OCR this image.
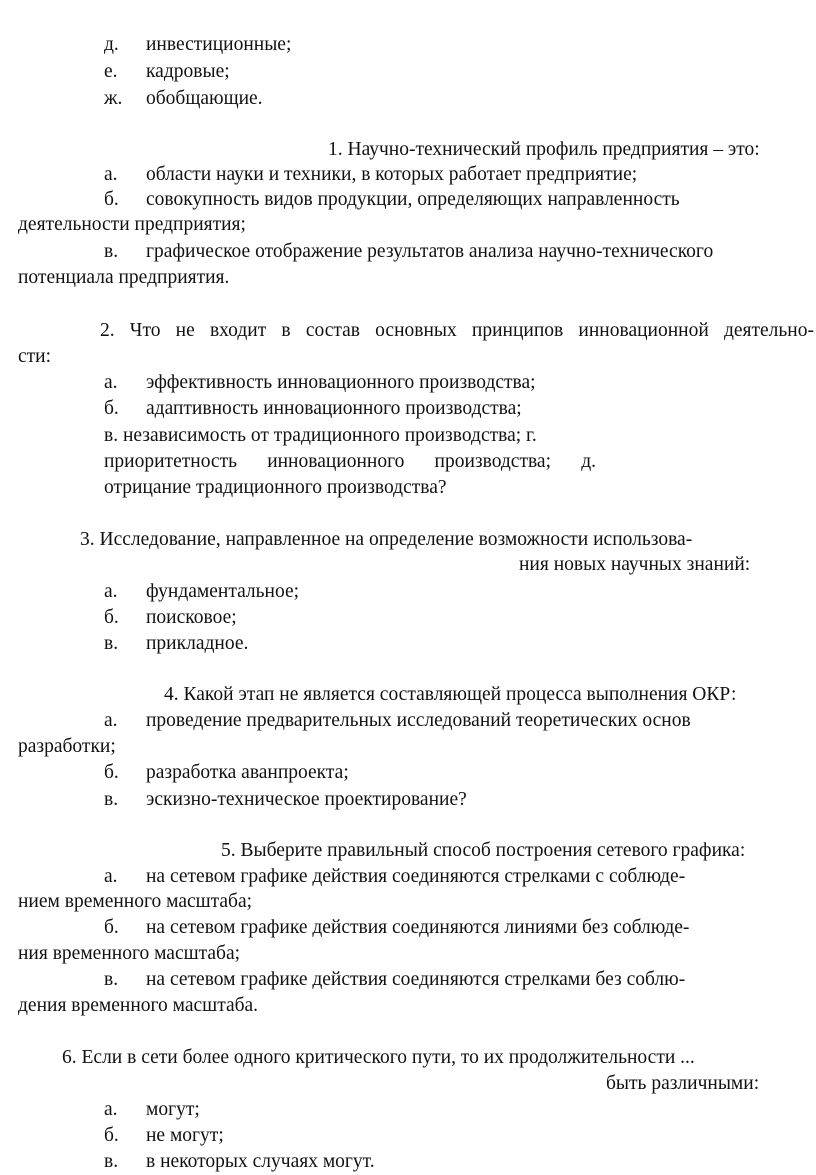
д. инвестиционные;
е. кадровые;
ж. обобщающие.
1. Научно-технический профиль предприятия – это:
а. области науки и техники, в которых работает предприятие;
б. совокупность видов продукции, определяющих направленность
деятельности предприятия;
в. графическое отображение результатов анализа научно-технического
потенциала предприятия.
2. Что не входит в состав основных принципов инновационной деятельно-
сти:
а. эффективность инновационного производства;
б. адаптивность инновационного производства;
в. независимость от традиционного производства; г.
приоритетность инновационного производства; д.
отрицание традиционного производства?
3. Исследование, направленное на определение возможности использова-
ния новых научных знаний:
а. фундаментальное;
б. поисковое;
в. прикладное.
4. Какой этап не является составляющей процесса выполнения ОКР:
а. проведение предварительных исследований теоретических основ
разработки;
б. разработка аванпроекта;
в. эскизно-техническое проектирование?
5. Выберите правильный способ построения сетевого графика:
а. на сетевом графике действия соединяются стрелками с соблюде-
нием временного масштаба;
б. на сетевом графике действия соединяются линиями без соблюде-
ния временного масштаба;
в. на сетевом графике действия соединяются стрелками без соблю-
дения временного масштаба.
6. Если в сети более одного критического пути, то их продолжительности ...
быть различными:
а. могут;
б. не могут;
в. в некоторых случаях могут.
